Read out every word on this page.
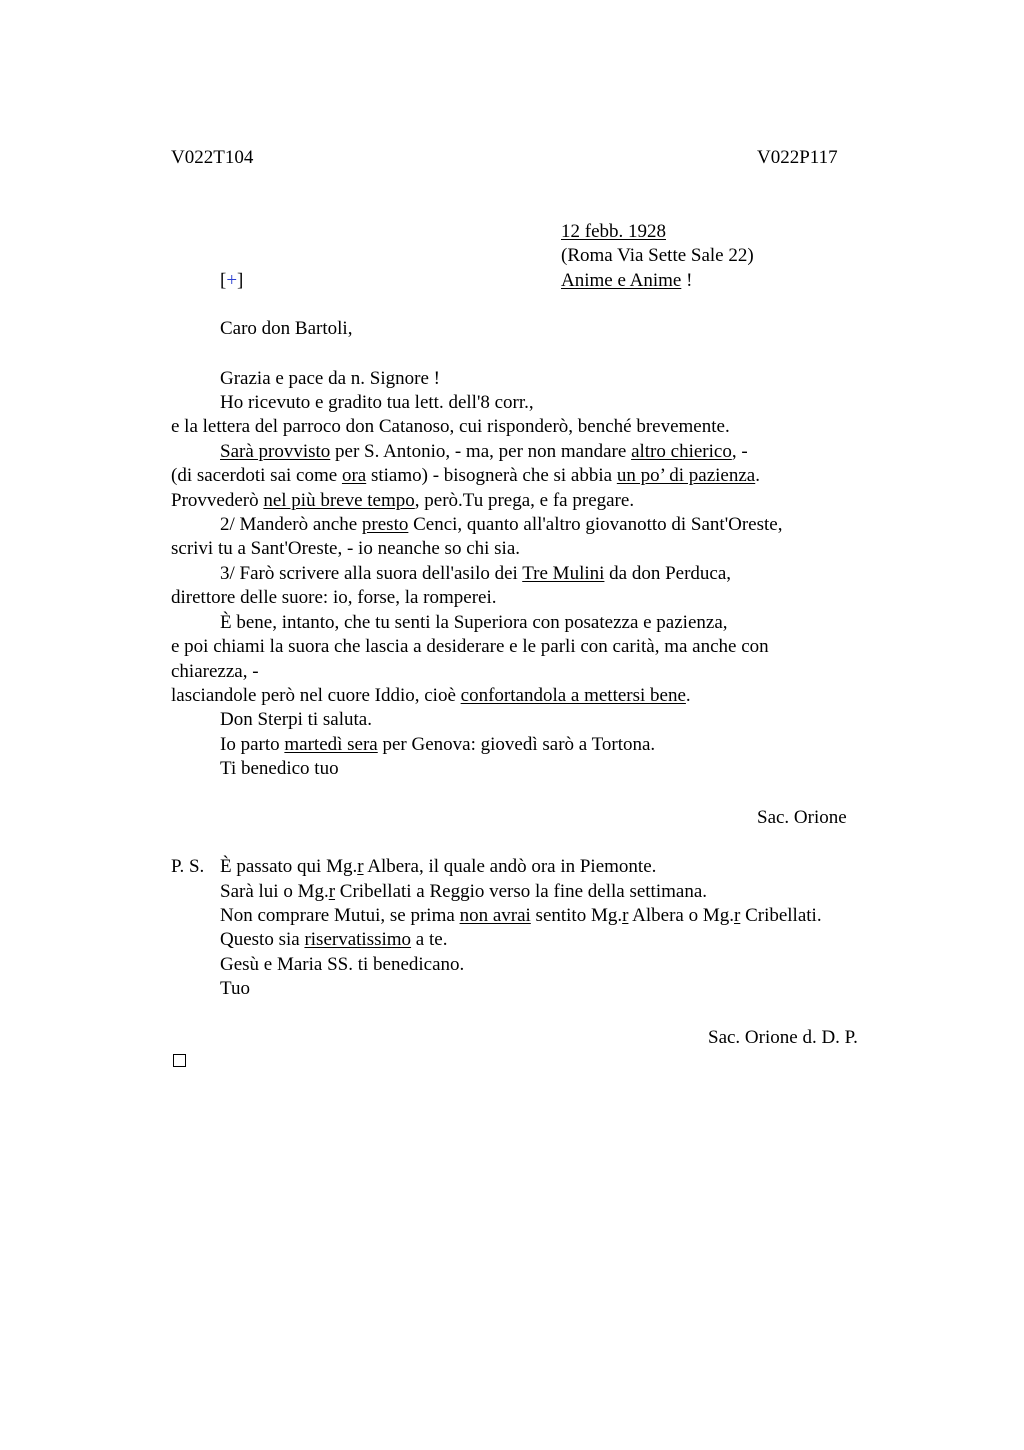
V022T104	V022P117
12 febb. 1928
(Roma Via Sette Sale 22)
Anime e Anime !
[+]
Caro don Bartoli,
Grazia e pace da n. Signore !
Ho ricevuto e gradito tua lett. dell'8 corr.,
e la lettera del parroco don Catanoso, cui risponderò, benché brevemente.
Sarà provvisto per S. Antonio, - ma, per non mandare altro chierico, -
(di sacerdoti sai come ora stiamo) - bisognerà che si abbia un po’ di pazienza.
Provvederò nel più breve tempo, però.Tu prega, e fa pregare.
2/ Manderò anche presto Cenci, quanto all'altro giovanotto di Sant'Oreste,
scrivi tu a Sant'Oreste, - io neanche so chi sia.
3/ Farò scrivere alla suora dell'asilo dei Tre Mulini da don Perduca,
direttore delle suore: io, forse, la romperei.
È bene, intanto, che tu senti la Superiora con posatezza e pazienza,
e poi chiami la suora che lascia a desiderare e le parli con carità, ma anche con
chiarezza, -
lasciandole però nel cuore Iddio, cioè confortandola a mettersi bene.
Don Sterpi ti saluta.
Io parto martedì sera per Genova: giovedì sarò a Tortona.
Ti benedico tuo
Sac. Orione
P. S. È passato qui Mg.r Albera, il quale andò ora in Piemonte.
Sarà lui o Mg.r Cribellati a Reggio verso la fine della settimana.
Non comprare Mutui, se prima non avrai sentito Mg.r Albera o Mg.r Cribellati.
Questo sia riservatissimo a te.
Gesù e Maria SS. ti benedicano.
Tuo
Sac. Orione d. D. P.
